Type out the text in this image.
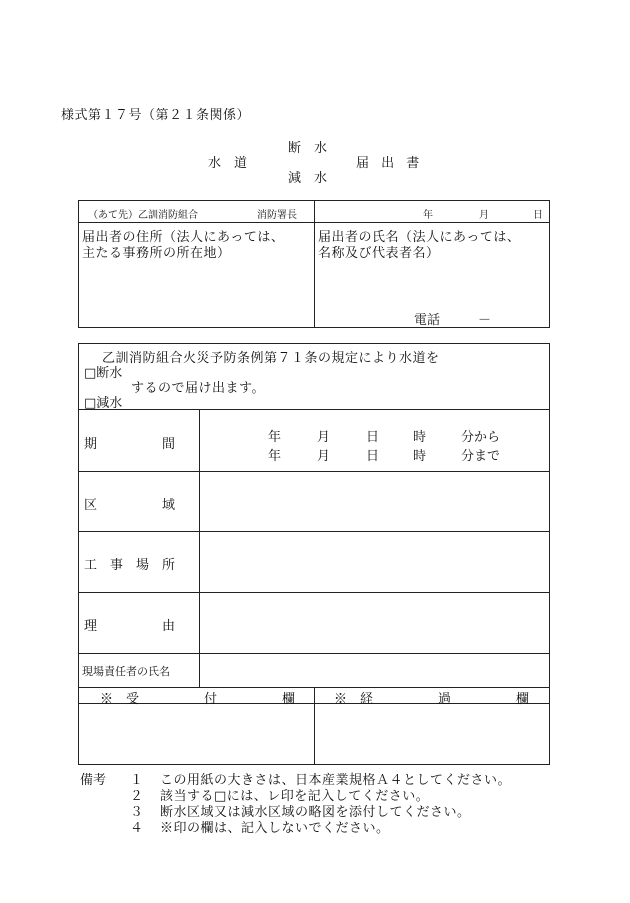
様式第１７号（第２１条関係）
断　水
水　道	届 出 書
減　水
（あて先）乙訓消防組合	消防署長	年	月	日
届出者の住所（法人にあっては、
主たる事務所の所在地）
届出者の氏名（法人にあっては、
名称及び代表者名）
電話	－
乙訓消防組合火災予防条例第７１条の規定により水道を
□断水
するので届け出ます。
□減水
期　　　　　間	年	月	日	時	分から
年	月	日	時	分まで
区　　　　　域
工　事　場　所
理　　　　　由
現場責任者の氏名
※　受　　　　　付　　　　　欄	※　経　　　　　過　　　　　欄
備考 １ この用紙の大きさは、日本産業規格Ａ４としてください。
２ 該当する□には、レ印を記入してください。
３ 断水区域又は減水区域の略図を添付してください。
４ ※印の欄は、記入しないでください。
